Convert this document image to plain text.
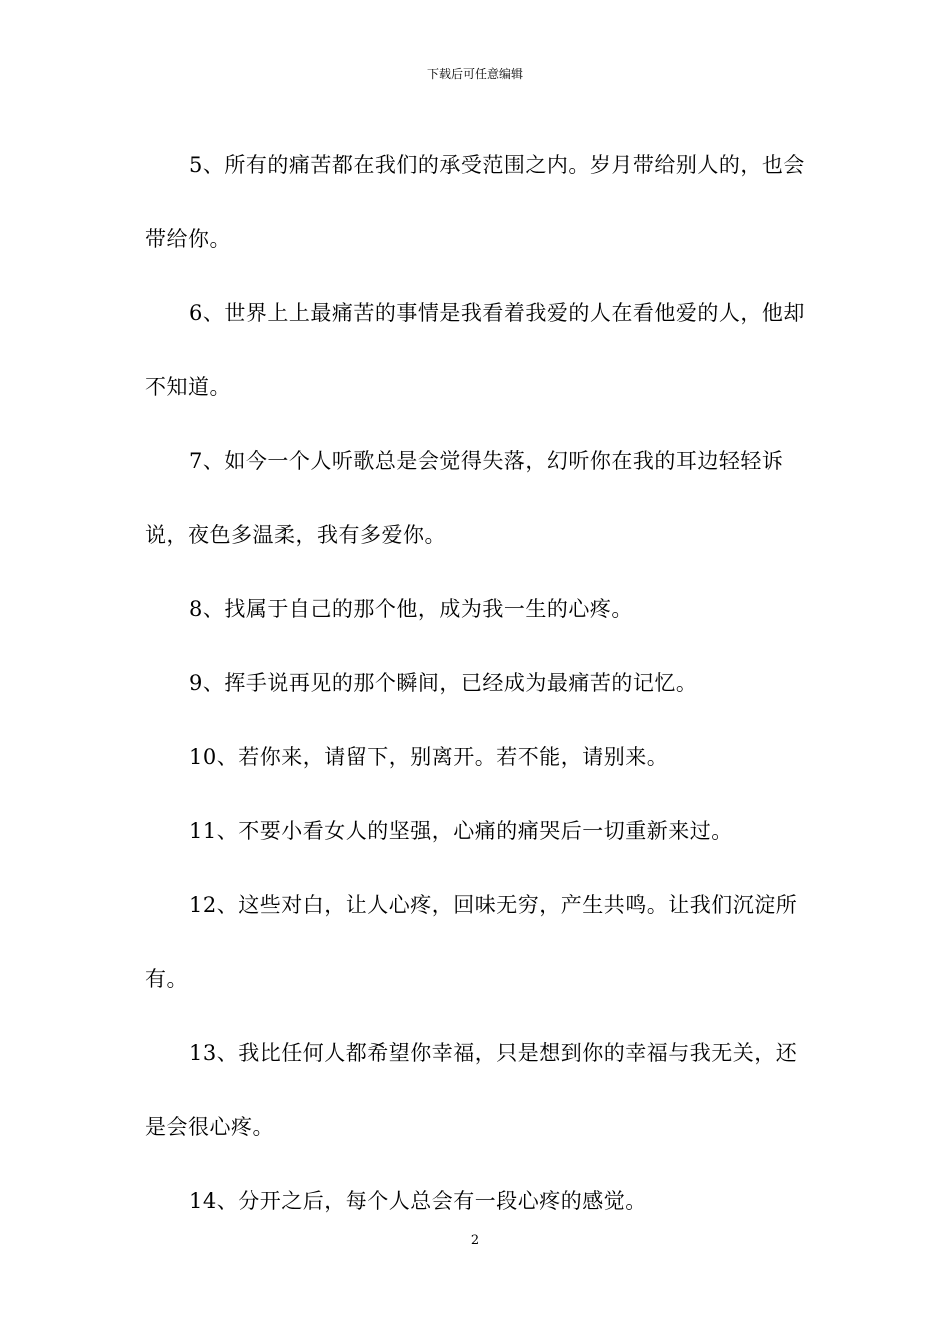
下载后可任意编辑

5、所有的痛苦都在我们的承受范围之内。岁月带给别人的，也会带给你。

6、世界上上最痛苦的事情是我看着我爱的人在看他爱的人，他却不知道。

7、如今一个人听歌总是会觉得失落，幻听你在我的耳边轻轻诉说，夜色多温柔，我有多爱你。

8、找属于自己的那个他，成为我一生的心疼。

9、挥手说再见的那个瞬间，已经成为最痛苦的记忆。

10、若你来，请留下，别离开。若不能，请别来。

11、不要小看女人的坚强，心痛的痛哭后一切重新来过。

12、这些对白，让人心疼，回味无穷，产生共鸣。让我们沉淀所有。

13、我比任何人都希望你幸福，只是想到你的幸福与我无关，还是会很心疼。

14、分开之后，每个人总会有一段心疼的感觉。

2
